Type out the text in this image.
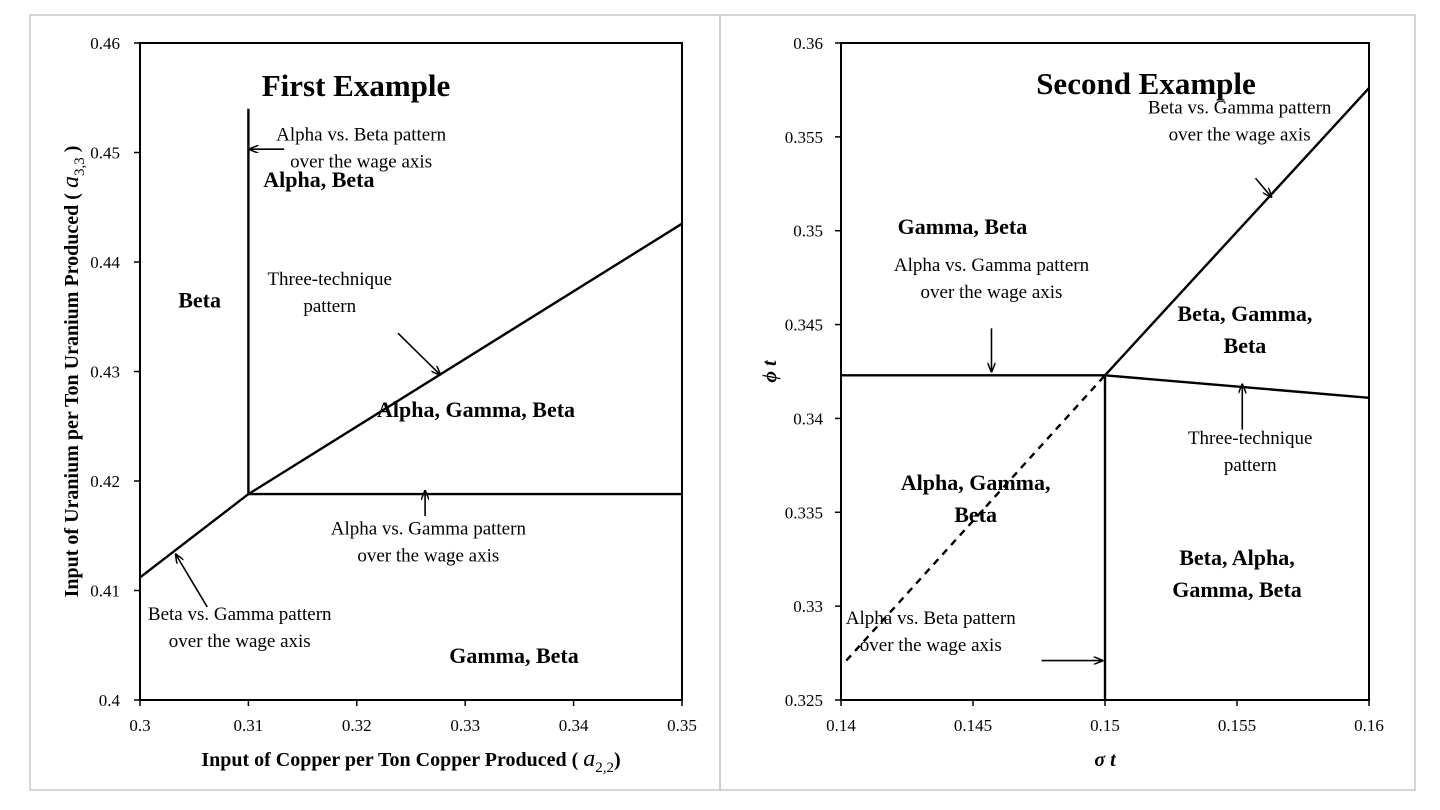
0.3	0.31	0.32	0.33	0.34	0.35
0.4
0.41
0.42
0.43
0.44
0.45
0.46
First Example
Input of Copper per Ton Copper Produced ( $a_{2,2}$)
Input of Uranium per Ton Uranium Produced ( $a_{3,3}$ )
Beta
Alpha, Beta
Alpha, Gamma, Beta
Gamma, Beta
Alpha vs. Beta pattern
over the wage axis
Three-technique
pattern
Alpha vs. Gamma pattern
over the wage axis
Beta vs. Gamma pattern
over the wage axis
0.14	0.145	0.15	0.155	0.16
0.325
0.33
0.335
0.34
0.345
0.35
0.355
0.36
Second Example
σ t
ϕ t
Gamma, Beta
Beta, Gamma,
Beta
Alpha, Gamma,
Beta
Beta, Alpha,
Gamma, Beta
Beta vs. Gamma pattern
over the wage axis
Alpha vs. Gamma pattern
over the wage axis
Three-technique
pattern
Alpha vs. Beta pattern
over the wage axis
